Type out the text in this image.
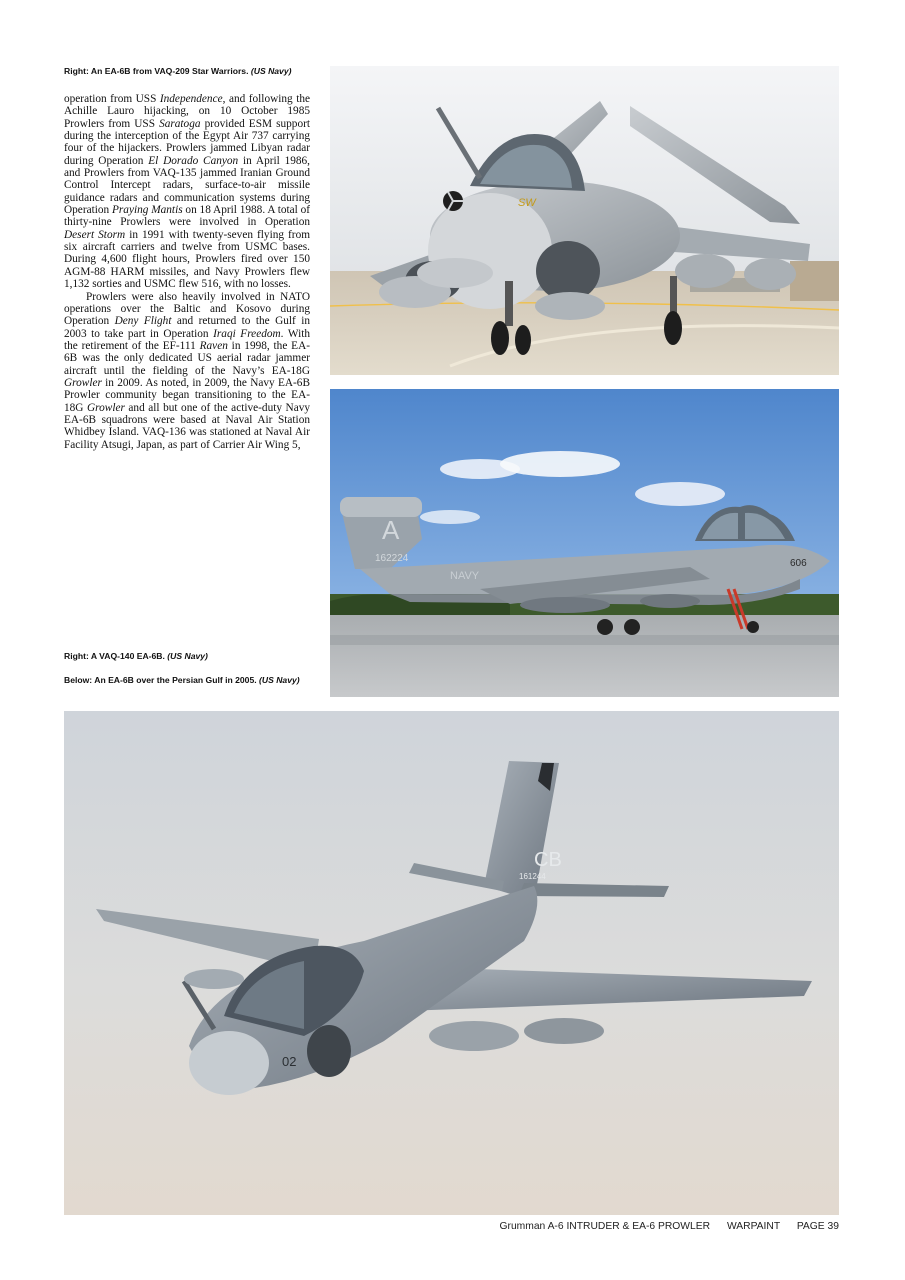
Right: An EA-6B from VAQ-209 Star Warriors. (US Navy)

operation from USS Independence, and following the Achille Lauro hijacking, on 10 October 1985 Prowlers from USS Saratoga provided ESM support during the interception of the Egypt Air 737 carrying four of the hijackers. Prowlers jammed Libyan radar during Operation El Dorado Canyon in April 1986, and Prowlers from VAQ-135 jammed Iranian Ground Control Intercept radars, surface-to-air missile guidance radars and communication systems during Operation Praying Mantis on 18 April 1988. A total of thirty-nine Prowlers were involved in Operation Desert Storm in 1991 with twenty-seven flying from six aircraft carriers and twelve from USMC bases. During 4,600 flight hours, Prowlers fired over 150 AGM-88 HARM missiles, and Navy Prowlers flew 1,132 sorties and USMC flew 516, with no losses.

Prowlers were also heavily involved in NATO operations over the Baltic and Kosovo during Operation Deny Flight and returned to the Gulf in 2003 to take part in Operation Iraqi Freedom. With the retirement of the EF-111 Raven in 1998, the EA-6B was the only dedicated US aerial radar jammer aircraft until the fielding of the Navy’s EA-18G Growler in 2009. As noted, in 2009, the Navy EA-6B Prowler community began transitioning to the EA-18G Growler and all but one of the active-duty Navy EA-6B squadrons were based at Naval Air Station Whidbey Island. VAQ-136 was stationed at Naval Air Facility Atsugi, Japan, as part of Carrier Air Wing 5,

Right: A VAQ-140 EA-6B. (US Navy)
Below: An EA-6B over the Persian Gulf in 2005. (US Navy)
SW
A
162224
NAVY
606
CB
161244
02
Grumman A-6 INTRUDER & EA-6 PROWLER WARPAINT PAGE 39
